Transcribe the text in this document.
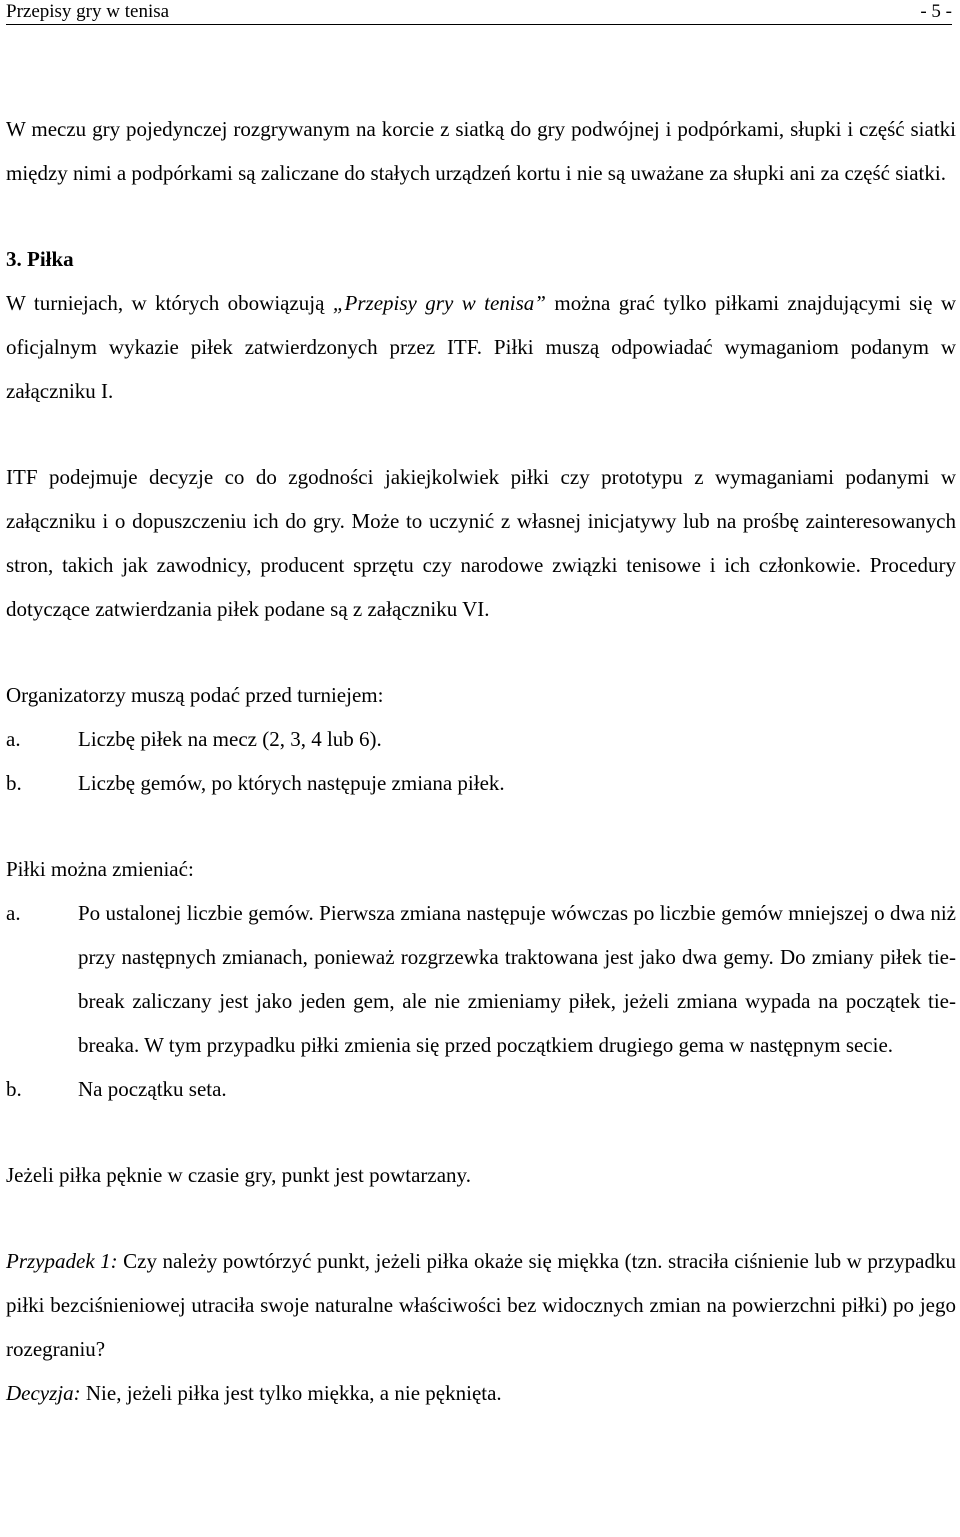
Przepisy gry w tenisa	- 5 -

W meczu gry pojedynczej rozgrywanym na korcie z siatką do gry podwójnej i podpórkami, słupki i część siatki między nimi a podpórkami są zaliczane do stałych urządzeń kortu i nie są uważane za słupki ani za część siatki.

3. Piłka

W turniejach, w których obowiązują „Przepisy gry w tenisa” można grać tylko piłkami znajdującymi się w oficjalnym wykazie piłek zatwierdzonych przez ITF. Piłki muszą odpowiadać wymaganiom podanym w załączniku I.

ITF podejmuje decyzje co do zgodności jakiejkolwiek piłki czy prototypu z wymaganiami podanymi w załączniku i o dopuszczeniu ich do gry. Może to uczynić z własnej inicjatywy lub na prośbę zainteresowanych stron, takich jak zawodnicy, producent sprzętu czy narodowe związki tenisowe i ich członkowie. Procedury dotyczące zatwierdzania piłek podane są z załączniku VI.

Organizatorzy muszą podać przed turniejem:

a.	Liczbę piłek na mecz (2, 3, 4 lub 6).
b.	Liczbę gemów, po których następuje zmiana piłek.

Piłki można zmieniać:

a.	Po ustalonej liczbie gemów. Pierwsza zmiana następuje wówczas po liczbie gemów mniejszej o dwa niż przy następnych zmianach, ponieważ rozgrzewka traktowana jest jako dwa gemy. Do zmiany piłek tie-break zaliczany jest jako jeden gem, ale nie zmieniamy piłek, jeżeli zmiana wypada na początek tie-breaka. W tym przypadku piłki zmienia się przed początkiem drugiego gema w następnym secie.
b.	Na początku seta.

Jeżeli piłka pęknie w czasie gry, punkt jest powtarzany.

Przypadek 1: Czy należy powtórzyć punkt, jeżeli piłka okaże się miękka (tzn. straciła ciśnienie lub w przypadku piłki bezciśnieniowej utraciła swoje naturalne właściwości bez widocznych zmian na powierzchni piłki) po jego rozegraniu?

Decyzja: Nie, jeżeli piłka jest tylko miękka, a nie pęknięta.
